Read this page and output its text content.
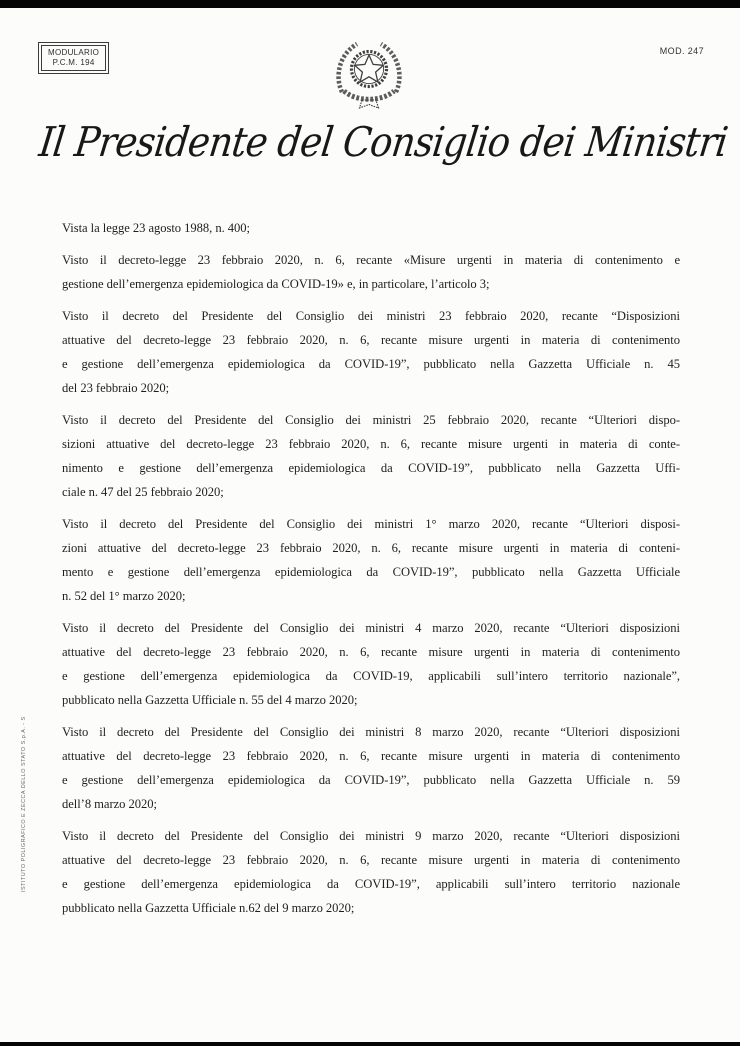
MODULARIO
P.C.M. 194
MOD. 247
Il Presidente del Consiglio dei Ministri
Vista la legge 23 agosto 1988, n. 400;
Visto il decreto-legge 23 febbraio 2020, n. 6, recante «Misure urgenti in materia di contenimento e
gestione dell’emergenza epidemiologica da COVID-19» e, in particolare, l’articolo 3;
Visto il decreto del Presidente del Consiglio dei ministri 23 febbraio 2020, recante “Disposizioni
attuative del decreto-legge 23 febbraio 2020, n. 6, recante misure urgenti in materia di contenimento
e gestione dell’emergenza epidemiologica da COVID-19”, pubblicato nella Gazzetta Ufficiale n. 45
del 23 febbraio 2020;
Visto il decreto del Presidente del Consiglio dei ministri 25 febbraio 2020, recante “Ulteriori dispo-
sizioni attuative del decreto-legge 23 febbraio 2020, n. 6, recante misure urgenti in materia di conte-
nimento e gestione dell’emergenza epidemiologica da COVID-19”, pubblicato nella Gazzetta Uffi-
ciale n. 47 del 25 febbraio 2020;
Visto il decreto del Presidente del Consiglio dei ministri 1° marzo 2020, recante “Ulteriori disposi-
zioni attuative del decreto-legge 23 febbraio 2020, n. 6, recante misure urgenti in materia di conteni-
mento e gestione dell’emergenza epidemiologica da COVID-19”, pubblicato nella Gazzetta Ufficiale
n. 52 del 1° marzo 2020;
Visto il decreto del Presidente del Consiglio dei ministri 4 marzo 2020, recante “Ulteriori disposizioni
attuative del decreto-legge 23 febbraio 2020, n. 6, recante misure urgenti in materia di contenimento
e gestione dell’emergenza epidemiologica da COVID-19, applicabili sull’intero territorio nazionale”,
pubblicato nella Gazzetta Ufficiale n. 55 del 4 marzo 2020;
Visto il decreto del Presidente del Consiglio dei ministri 8 marzo 2020, recante “Ulteriori disposizioni
attuative del decreto-legge 23 febbraio 2020, n. 6, recante misure urgenti in materia di contenimento
e gestione dell’emergenza epidemiologica da COVID-19”, pubblicato nella Gazzetta Ufficiale n. 59
dell’8 marzo 2020;
Visto il decreto del Presidente del Consiglio dei ministri 9 marzo 2020, recante “Ulteriori disposizioni
attuative del decreto-legge 23 febbraio 2020, n. 6, recante misure urgenti in materia di contenimento
e gestione dell’emergenza epidemiologica da COVID-19”, applicabili sull’intero territorio nazionale
pubblicato nella Gazzetta Ufficiale n.62 del 9 marzo 2020;
ISTITUTO POLIGRAFICO E ZECCA DELLO STATO S.p.A. - S
